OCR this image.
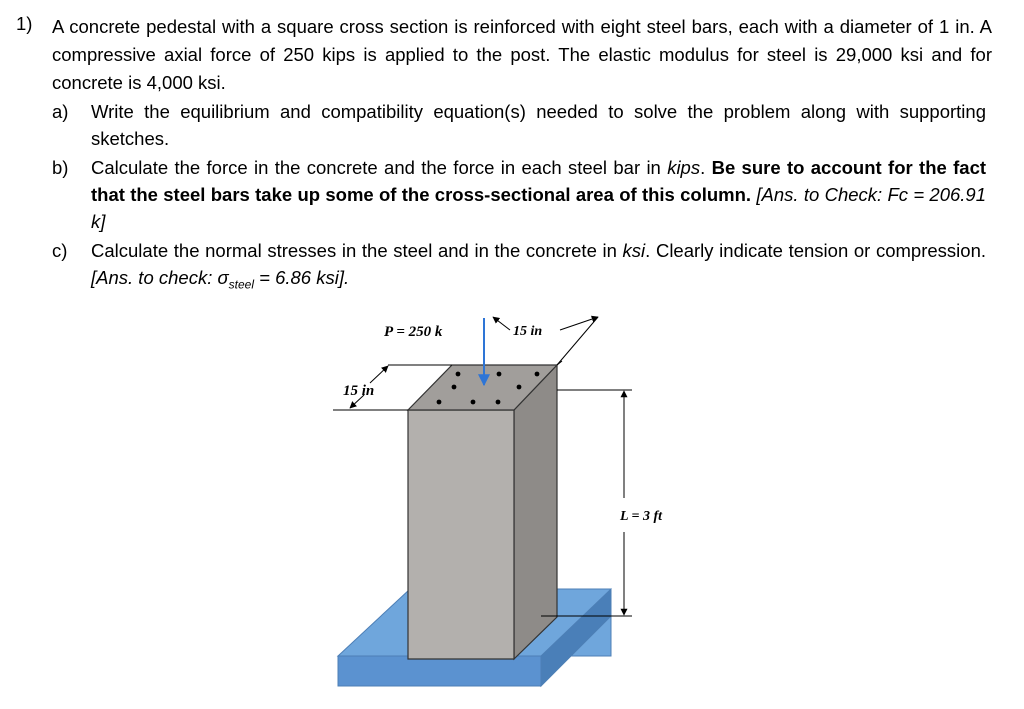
1) A concrete pedestal with a square cross section is reinforced with eight steel bars, each with a diameter of 1 in. A compressive axial force of 250 kips is applied to the post. The elastic modulus for steel is 29,000 ksi and for concrete is 4,000 ksi.
a) Write the equilibrium and compatibility equation(s) needed to solve the problem along with supporting sketches.
b) Calculate the force in the concrete and the force in each steel bar in kips. Be sure to account for the fact that the steel bars take up some of the cross-sectional area of this column. [Ans. to Check: Fc = 206.91 k]
c) Calculate the normal stresses in the steel and in the concrete in ksi. Clearly indicate tension or compression. [Ans. to check: $\sigma_{steel} = 6.86$ ksi].
P = 250 k	15 in
15 in
L = 3 ft
